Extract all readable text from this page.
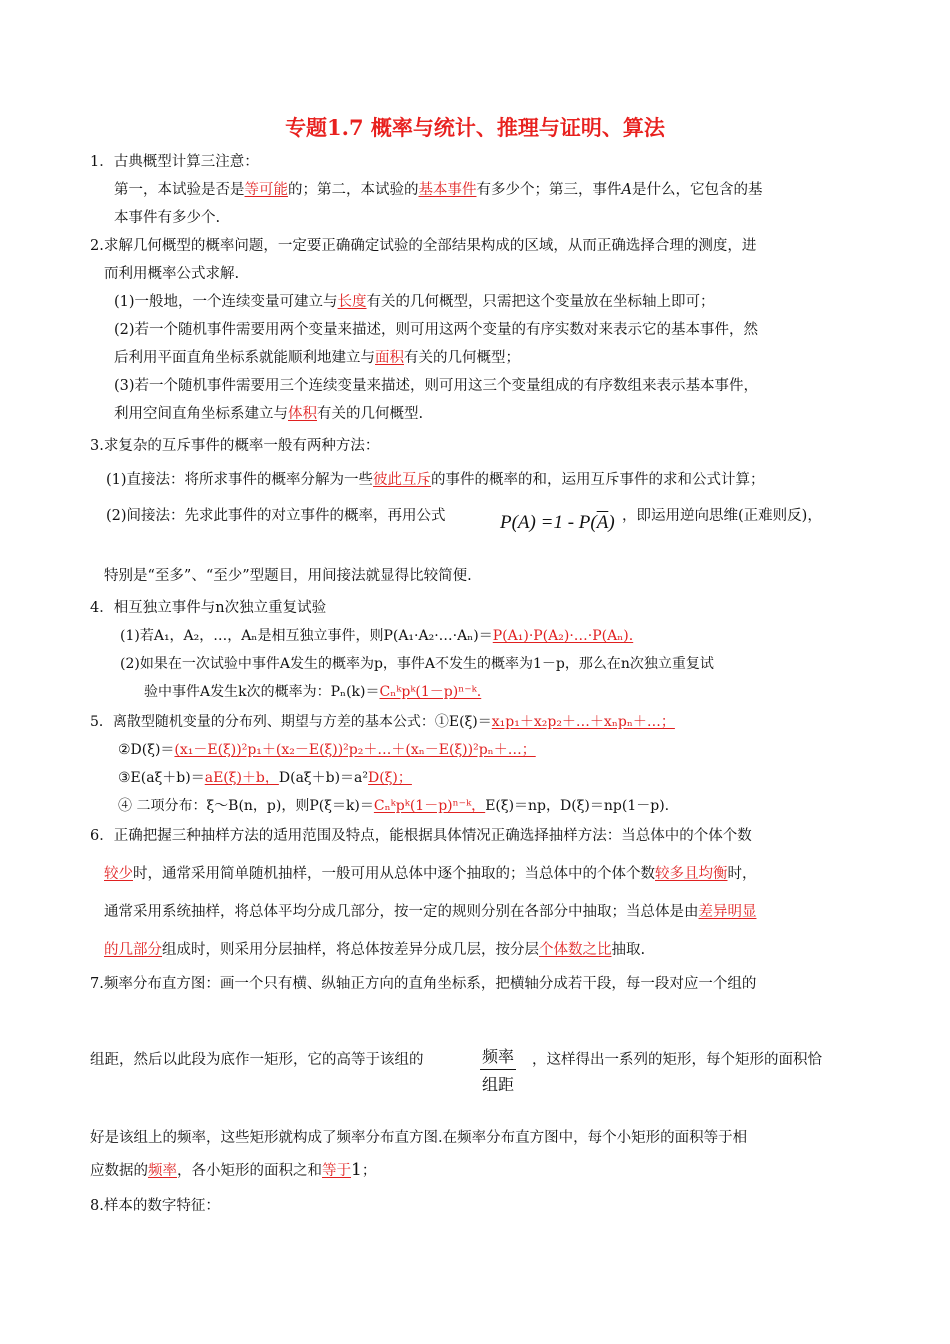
专题1.7 概率与统计、推理与证明、算法
1．古典概型计算三注意：
第一，本试验是否是等可能的；第二，本试验的基本事件有多少个；第三，事件A是什么，它包含的基
本事件有多少个.
2.求解几何概型的概率问题，一定要正确确定试验的全部结果构成的区域，从而正确选择合理的测度，进
而利用概率公式求解.
(1)一般地，一个连续变量可建立与长度有关的几何概型，只需把这个变量放在坐标轴上即可；
(2)若一个随机事件需要用两个变量来描述，则可用这两个变量的有序实数对来表示它的基本事件，然
后利用平面直角坐标系就能顺利地建立与面积有关的几何概型；
(3)若一个随机事件需要用三个连续变量来描述，则可用这三个变量组成的有序数组来表示基本事件，
利用空间直角坐标系建立与体积有关的几何概型.
3.求复杂的互斥事件的概率一般有两种方法：
(1)直接法：将所求事件的概率分解为一些彼此互斥的事件的概率的和，运用互斥事件的求和公式计算；
(2)间接法：先求此事件的对立事件的概率，再用公式	$P(A) =1 - P(\overline{A})$ ，即运用逆向思维(正难则反)，
特别是“至多”、“至少”型题目，用间接法就显得比较简便.
4．相互独立事件与n次独立重复试验
(1)若A₁，A₂，…，Aₙ是相互独立事件，则P(A₁·A₂·…·Aₙ)＝P(A₁)·P(A₂)·…·P(Aₙ).
(2)如果在一次试验中事件A发生的概率为p，事件A不发生的概率为1－p，那么在n次独立重复试
验中事件A发生k次的概率为：Pₙ(k)＝Cₙᵏpᵏ(1－p)ⁿ⁻ᵏ.
5．离散型随机变量的分布列、期望与方差的基本公式：①E(ξ)＝x₁p₁＋x₂p₂＋…＋xₙpₙ＋…；
②D(ξ)＝(x₁－E(ξ))²p₁＋(x₂－E(ξ))²p₂＋…＋(xₙ－E(ξ))²pₙ＋…；
③E(aξ＋b)＝aE(ξ)＋b，D(aξ＋b)＝a²D(ξ)；
④ 二项分布：ξ～B(n，p)，则P(ξ＝k)＝Cₙᵏpᵏ(1－p)ⁿ⁻ᵏ，E(ξ)＝np，D(ξ)＝np(1－p).
6．正确把握三种抽样方法的适用范围及特点，能根据具体情况正确选择抽样方法：当总体中的个体个数
较少时，通常采用简单随机抽样，一般可用从总体中逐个抽取的；当总体中的个体个数较多且均衡时，
通常采用系统抽样，将总体平均分成几部分，按一定的规则分别在各部分中抽取；当总体是由差异明显
的几部分组成时，则采用分层抽样，将总体按差异分成几层，按分层个体数之比抽取.
7.频率分布直方图：画一个只有横、纵轴正方向的直角坐标系，把横轴分成若干段，每一段对应一个组的
组距，然后以此段为底作一矩形，它的高等于该组的	频率
组距
，这样得出一系列的矩形，每个矩形的面积恰
好是该组上的频率，这些矩形就构成了频率分布直方图.在频率分布直方图中，每个小矩形的面积等于相
应数据的频率，各小矩形的面积之和等于1；
8.样本的数字特征：
